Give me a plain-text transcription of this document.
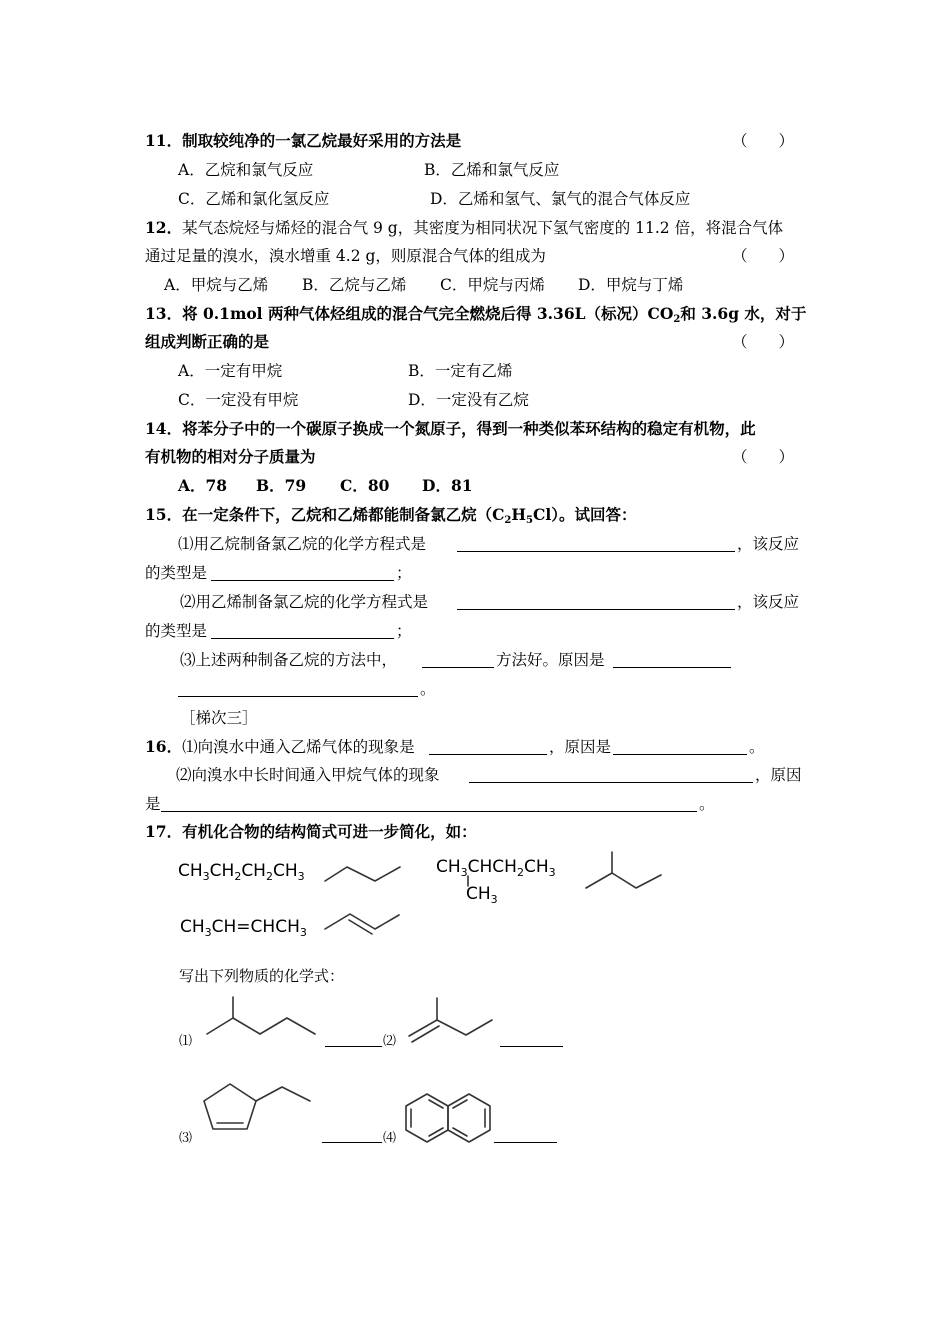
11．制取较纯净的一氯乙烷最好采用的方法是	（　　）
A．乙烷和氯气反应	B．乙烯和氯气反应
C．乙烯和氯化氢反应	D．乙烯和氢气、氯气的混合气体反应
12．某气态烷烃与烯烃的混合气 9 g，其密度为相同状况下氢气密度的 11.2 倍，将混合气体
通过足量的溴水，溴水增重 4.2 g，则原混合气体的组成为	（　　）
A．甲烷与乙烯 B．乙烷与乙烯 C．甲烷与丙烯 D．甲烷与丁烯
13．将 0.1mol 两种气体烃组成的混合气完全燃烧后得 3.36L（标况）$CO_2$和 3.6g 水，对于
组成判断正确的是	（　　）
A．一定有甲烷	B．一定有乙烯
C．一定没有甲烷	D．一定没有乙烷
14．将苯分子中的一个碳原子换成一个氮原子，得到一种类似苯环结构的稳定有机物，此
有机物的相对分子质量为	（　　）
A．78 B．79 C．80 D．81
15．在一定条件下，乙烷和乙烯都能制备氯乙烷$(C_2H_5Cl)$。试回答：
⑴用乙烷制备氯乙烷的化学方程式是	，该反应
的类型是	；
⑵用乙烯制备氯乙烷的化学方程式是	，该反应
的类型是	；
⑶上述两种制备乙烷的方法中，	方法好。原因是
。
［梯次三］
16．⑴向溴水中通入乙烯气体的现象是	，原因是	。
⑵向溴水中长时间通入甲烷气体的现象	，原因
是	。
17．有机化合物的结构简式可进一步简化，如：
$CH_3CH_2CH_2CH_3$	$CH_3CHCH_2CH_3$
$CH_3$
$CH_3CH=CHCH_3$
写出下列物质的化学式：
⑴	⑵
⑶	⑷
